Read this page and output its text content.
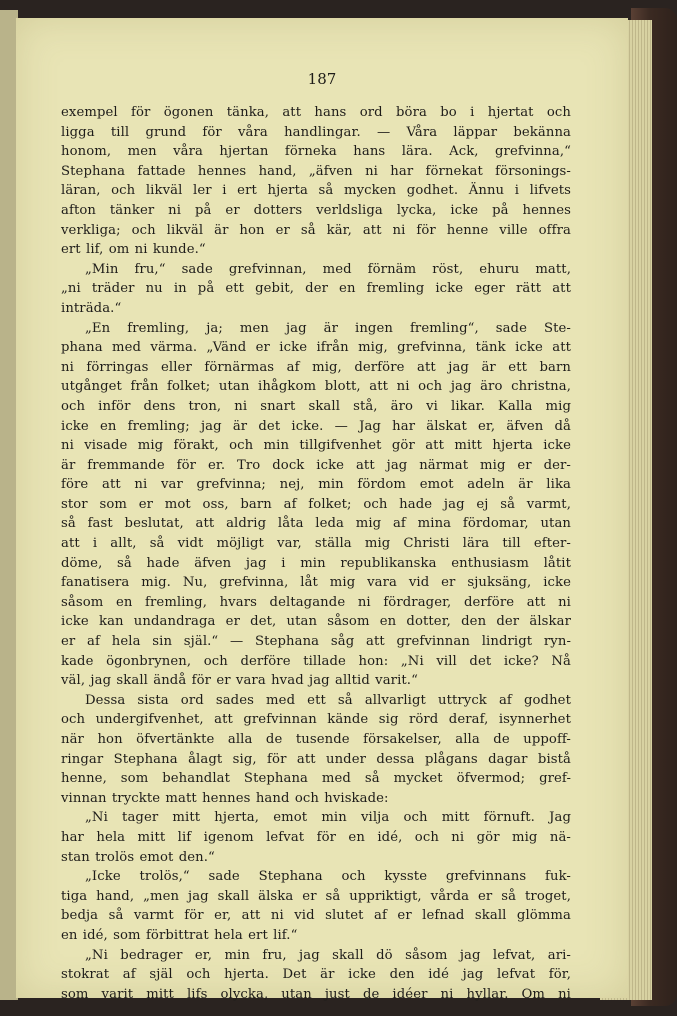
187
exempel för ögonen tänka, att hans ord böra bo i hjertat och
ligga till grund för våra handlingar. — Våra läppar bekänna
honom, men våra hjertan förneka hans lära. Ack, grefvinna,“
Stephana fattade hennes hand, „äfven ni har förnekat försonings-
läran, och likväl ler i ert hjerta så mycken godhet. Ännu i lifvets
afton tänker ni på er dotters verldsliga lycka, icke på hennes
verkliga; och likväl är hon er så kär, att ni för henne ville offra
ert lif, om ni kunde.“
„Min fru,“ sade grefvinnan, med förnäm röst, ehuru matt,
„ni träder nu in på ett gebit, der en fremling icke eger rätt att
inträda.“
„En fremling, ja; men jag är ingen fremling“, sade Ste-
phana med värma. „Vänd er icke ifrån mig, grefvinna, tänk icke att
ni förringas eller förnärmas af mig, derföre att jag är ett barn
utgånget från folket; utan ihågkom blott, att ni och jag äro christna,
och inför dens tron, ni snart skall stå, äro vi likar. Kalla mig
icke en fremling; jag är det icke. — Jag har älskat er, äfven då
ni visade mig förakt, och min tillgifvenhet gör att mitt hjerta icke
är fremmande för er. Tro dock icke att jag närmat mig er der-
före att ni var grefvinna; nej, min fördom emot adeln är lika
stor som er mot oss, barn af folket; och hade jag ej så varmt,
så fast beslutat, att aldrig låta leda mig af mina fördomar, utan
att i allt, så vidt möjligt var, ställa mig Christi lära till efter-
döme, så hade äfven jag i min republikanska enthusiasm låtit
fanatisera mig. Nu, grefvinna, låt mig vara vid er sjuksäng, icke
såsom en fremling, hvars deltagande ni fördrager, derföre att ni
icke kan undandraga er det, utan såsom en dotter, den der älskar
er af hela sin själ.“ — Stephana såg att grefvinnan lindrigt ryn-
kade ögonbrynen, och derföre tillade hon: „Ni vill det icke? Nå
väl, jag skall ändå för er vara hvad jag alltid varit.“
Dessa sista ord sades med ett så allvarligt uttryck af godhet
och undergifvenhet, att grefvinnan kände sig rörd deraf, isynnerhet
när hon öfvertänkte alla de tusende försakelser, alla de uppoff-
ringar Stephana ålagt sig, för att under dessa plågans dagar bistå
henne, som behandlat Stephana med så mycket öfvermod; gref-
vinnan tryckte matt hennes hand och hviskade:
„Ni tager mitt hjerta, emot min vilja och mitt förnuft. Jag
har hela mitt lif igenom lefvat för en idé, och ni gör mig nä-
stan trolös emot den.“
„Icke trolös,“ sade Stephana och kysste grefvinnans fuk-
tiga hand, „men jag skall älska er så uppriktigt, vårda er så troget,
bedja så varmt för er, att ni vid slutet af er lefnad skall glömma
en idé, som förbittrat hela ert lif.“
„Ni bedrager er, min fru, jag skall dö såsom jag lefvat, ari-
stokrat af själ och hjerta. Det är icke den idé jag lefvat för,
som varit mitt lifs olycka, utan just de idéer ni hyllar. Om ni
